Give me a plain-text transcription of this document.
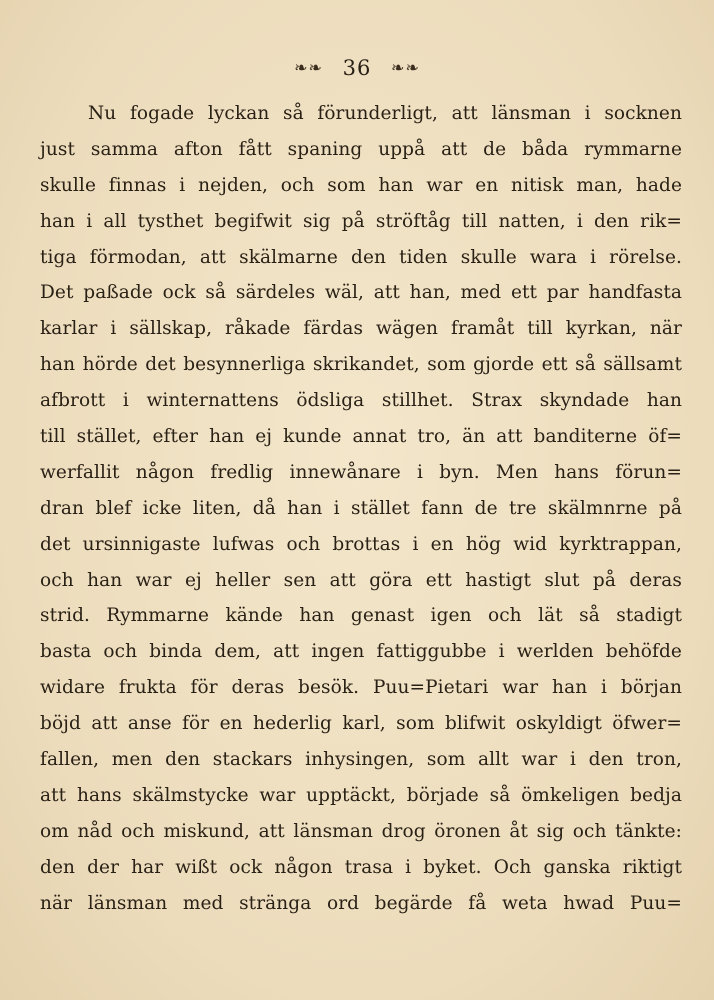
❧❧ 36 ❧❧
Nu fogade lyckan så förunderligt, att länsman i socknen
just samma afton fått spaning uppå att de båda rymmarne
skulle finnas i nejden, och som han war en nitisk man, hade
han i all tysthet begifwit sig på ströftåg till natten, i den rik=
tiga förmodan, att skälmarne den tiden skulle wara i rörelse.
Det paßade ock så särdeles wäl, att han, med ett par handfasta
karlar i sällskap, råkade färdas wägen framåt till kyrkan, när
han hörde det besynnerliga skrikandet, som gjorde ett så sällsamt
afbrott i winternattens ödsliga stillhet. Strax skyndade han
till stället, efter han ej kunde annat tro, än att banditerne öf=
werfallit någon fredlig innewånare i byn. Men hans förun=
dran blef icke liten, då han i stället fann de tre skälmnrne på
det ursinnigaste lufwas och brottas i en hög wid kyrktrappan,
och han war ej heller sen att göra ett hastigt slut på deras
strid. Rymmarne kände han genast igen och lät så stadigt
basta och binda dem, att ingen fattiggubbe i werlden behöfde
widare frukta för deras besök. Puu=Pietari war han i början
böjd att anse för en hederlig karl, som blifwit oskyldigt öfwer=
fallen, men den stackars inhysingen, som allt war i den tron,
att hans skälmstycke war upptäckt, började så ömkeligen bedja
om nåd och miskund, att länsman drog öronen åt sig och tänkte:
den der har wißt ock någon trasa i byket. Och ganska riktigt
när länsman med stränga ord begärde få weta hwad Puu=
